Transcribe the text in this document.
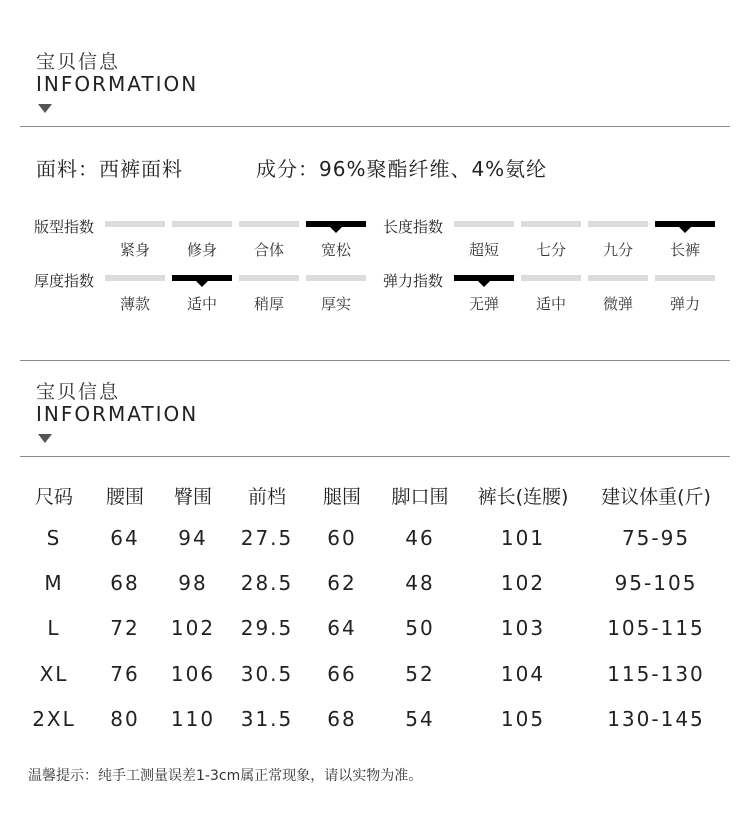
宝贝信息
INFORMATION
面料：西裤面料	成分：96%聚酯纤维、4%氨纶
版型指数
紧身	修身	合体	宽松
长度指数
超短	七分	九分	长裤
厚度指数
薄款	适中	稍厚	厚实
弹力指数
无弹	适中	微弹	弹力
宝贝信息
INFORMATION
尺码	腰围	臀围	前档	腿围	脚口围	裤长(连腰)	建议体重(斤)
S	64	94	27.5	60	46	101	75-95
M	68	98	28.5	62	48	102	95-105
L	72	102	29.5	64	50	103	105-115
XL	76	106	30.5	66	52	104	115-130
2XL	80	110	31.5	68	54	105	130-145
温馨提示：纯手工测量误差1-3cm属正常现象，请以实物为准。
